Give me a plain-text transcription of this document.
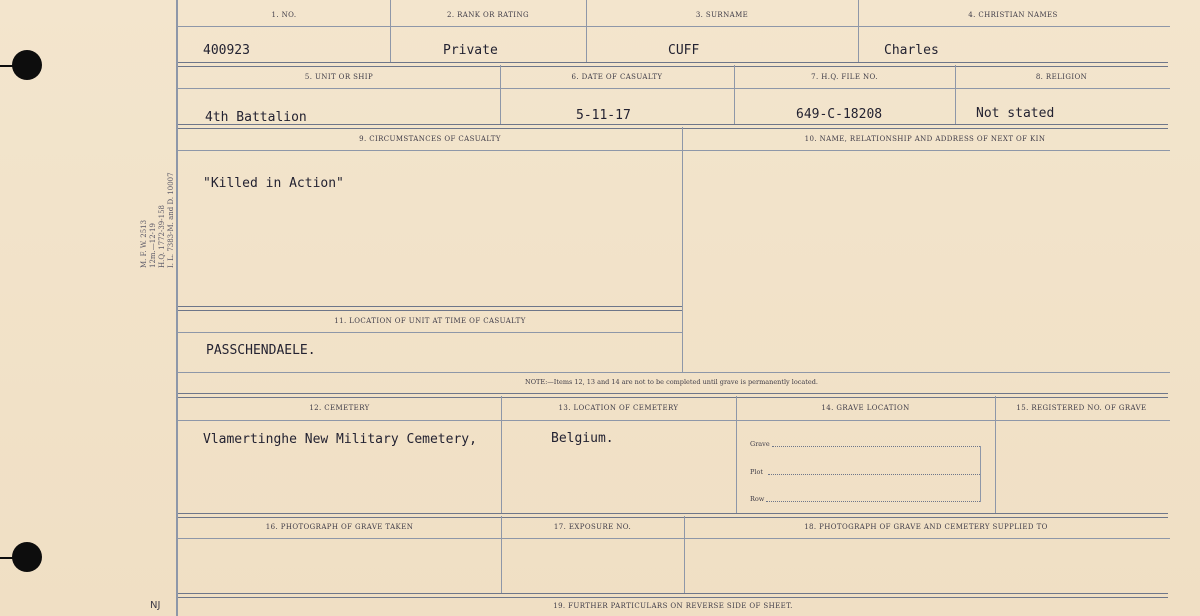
M. F. W. 2513 12m.—12-19 H.Q. 1772-39-158 I. L. 7383-M. and D. 10007
1. NO.	2. RANK OR RATING	3. SURNAME	4. CHRISTIAN NAMES
400923	Private	CUFF	Charles
5. UNIT OR SHIP	6. DATE OF CASUALTY	7. H.Q. FILE NO.	8. RELIGION
4th Battalion	5-11-17	649-C-18208	Not stated
9. CIRCUMSTANCES OF CASUALTY	10. NAME, RELATIONSHIP AND ADDRESS OF NEXT OF KIN
"Killed in Action"
11. LOCATION OF UNIT AT TIME OF CASUALTY
PASSCHENDAELE.
NOTE:—Items 12, 13 and 14 are not to be completed until grave is permanently located.
12. CEMETERY	13. LOCATION OF CEMETERY	14. GRAVE LOCATION	15. REGISTERED NO. OF GRAVE
Vlamertinghe New Military Cemetery,	Belgium.	Grave
Plot
Row
16. PHOTOGRAPH OF GRAVE TAKEN	17. EXPOSURE NO.	18. PHOTOGRAPH OF GRAVE AND CEMETERY SUPPLIED TO
19. FURTHER PARTICULARS ON REVERSE SIDE OF SHEET.
NJ
